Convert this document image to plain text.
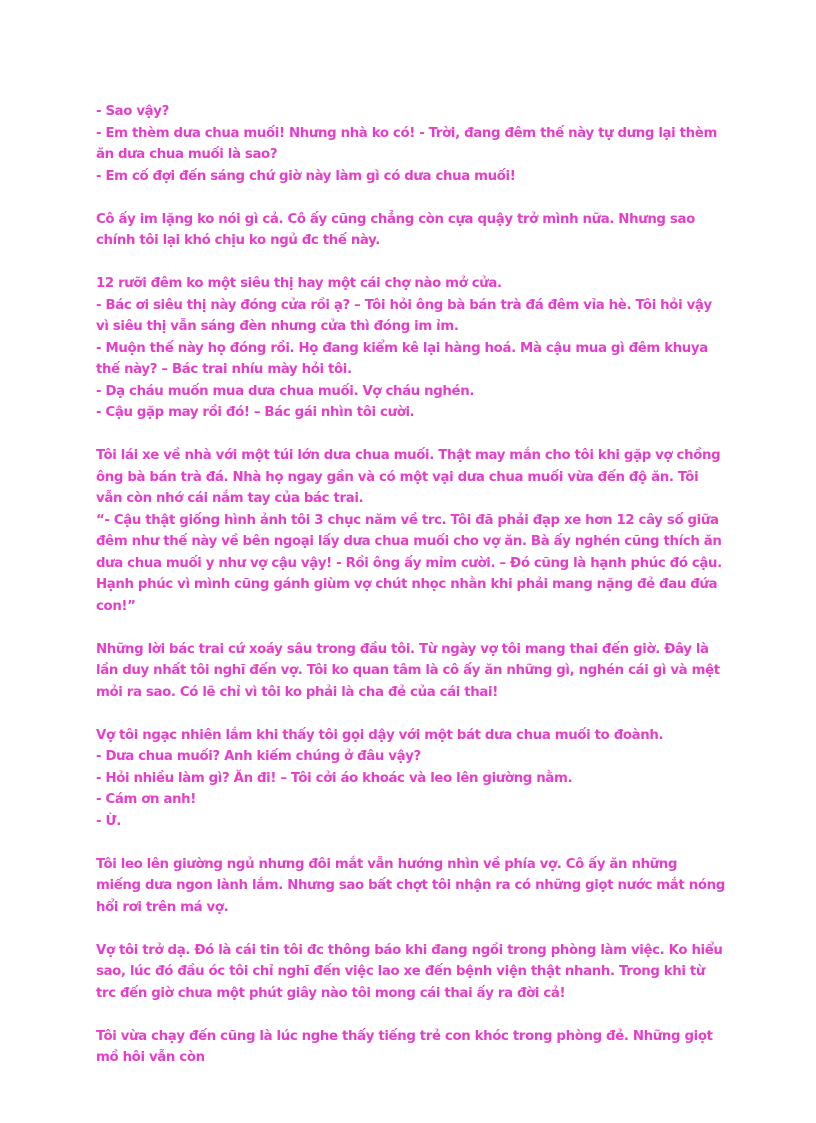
- Sao vậy?
- Em thèm dưa chua muối! Nhưng nhà ko có! - Trời, đang đêm thế này tự dưng lại thèm ăn dưa chua muối là sao?
- Em cố đợi đến sáng chứ giờ này làm gì có dưa chua muối!
Cô ấy im lặng ko nói gì cả. Cô ấy cũng chẳng còn cựa quậy trở mình nữa. Nhưng sao chính tôi lại khó chịu ko ngủ đc thế này.
12 rưỡi đêm ko một siêu thị hay một cái chợ nào mở cửa.
- Bác ơi siêu thị này đóng cửa rồi ạ? – Tôi hỏi ông bà bán trà đá đêm vỉa hè. Tôi hỏi vậy vì siêu thị vẫn sáng đèn nhưng cửa thì đóng im ỉm.
- Muộn thế này họ đóng rồi. Họ đang kiểm kê lại hàng hoá. Mà cậu mua gì đêm khuya thế này? – Bác trai nhíu mày hỏi tôi.
- Dạ cháu muốn mua dưa chua muối. Vợ cháu nghén.
- Cậu gặp may rồi đó! – Bác gái nhìn tôi cười.
Tôi lái xe về nhà với một túi lớn dưa chua muối. Thật may mắn cho tôi khi gặp vợ chồng ông bà bán trà đá. Nhà họ ngay gần và có một vại dưa chua muối vừa đến độ ăn. Tôi vẫn còn nhớ cái nắm tay của bác trai.
“- Cậu thật giống hình ảnh tôi 3 chục năm về trc. Tôi đã phải đạp xe hơn 12 cây số giữa đêm như thế này về bên ngoại lấy dưa chua muối cho vợ ăn. Bà ấy nghén cũng thích ăn dưa chua muối y như vợ cậu vậy! - Rồi ông ấy mỉm cười. – Đó cũng là hạnh phúc đó cậu. Hạnh phúc vì mình cũng gánh giùm vợ chút nhọc nhằn khi phải mang nặng đẻ đau đứa con!”
Những lời bác trai cứ xoáy sâu trong đầu tôi. Từ ngày vợ tôi mang thai đến giờ. Đây là lần duy nhất tôi nghĩ đến vợ. Tôi ko quan tâm là cô ấy ăn những gì, nghén cái gì và mệt mỏi ra sao. Có lẽ chỉ vì tôi ko phải là cha đẻ của cái thai!
Vợ tôi ngạc nhiên lắm khi thấy tôi gọi dậy với một bát dưa chua muối to đoành.
- Dưa chua muối? Anh kiếm chúng ở đâu vậy?
- Hỏi nhiều làm gì? Ăn đi! – Tôi cởi áo khoác và leo lên giường nằm.
- Cám ơn anh!
- Ừ.
Tôi leo lên giường ngủ nhưng đôi mắt vẫn hướng nhìn về phía vợ. Cô ấy ăn những miếng dưa ngon lành lắm. Nhưng sao bất chợt tôi nhận ra có những giọt nước mắt nóng hổi rơi trên má vợ.
Vợ tôi trở dạ. Đó là cái tin tôi đc thông báo khi đang ngồi trong phòng làm việc. Ko hiểu sao, lúc đó đầu óc tôi chỉ nghĩ đến việc lao xe đến bệnh viện thật nhanh. Trong khi từ trc đến giờ chưa một phút giây nào tôi mong cái thai ấy ra đời cả!
Tôi vừa chạy đến cũng là lúc nghe thấy tiếng trẻ con khóc trong phòng đẻ. Những giọt mồ hôi vẫn còn
